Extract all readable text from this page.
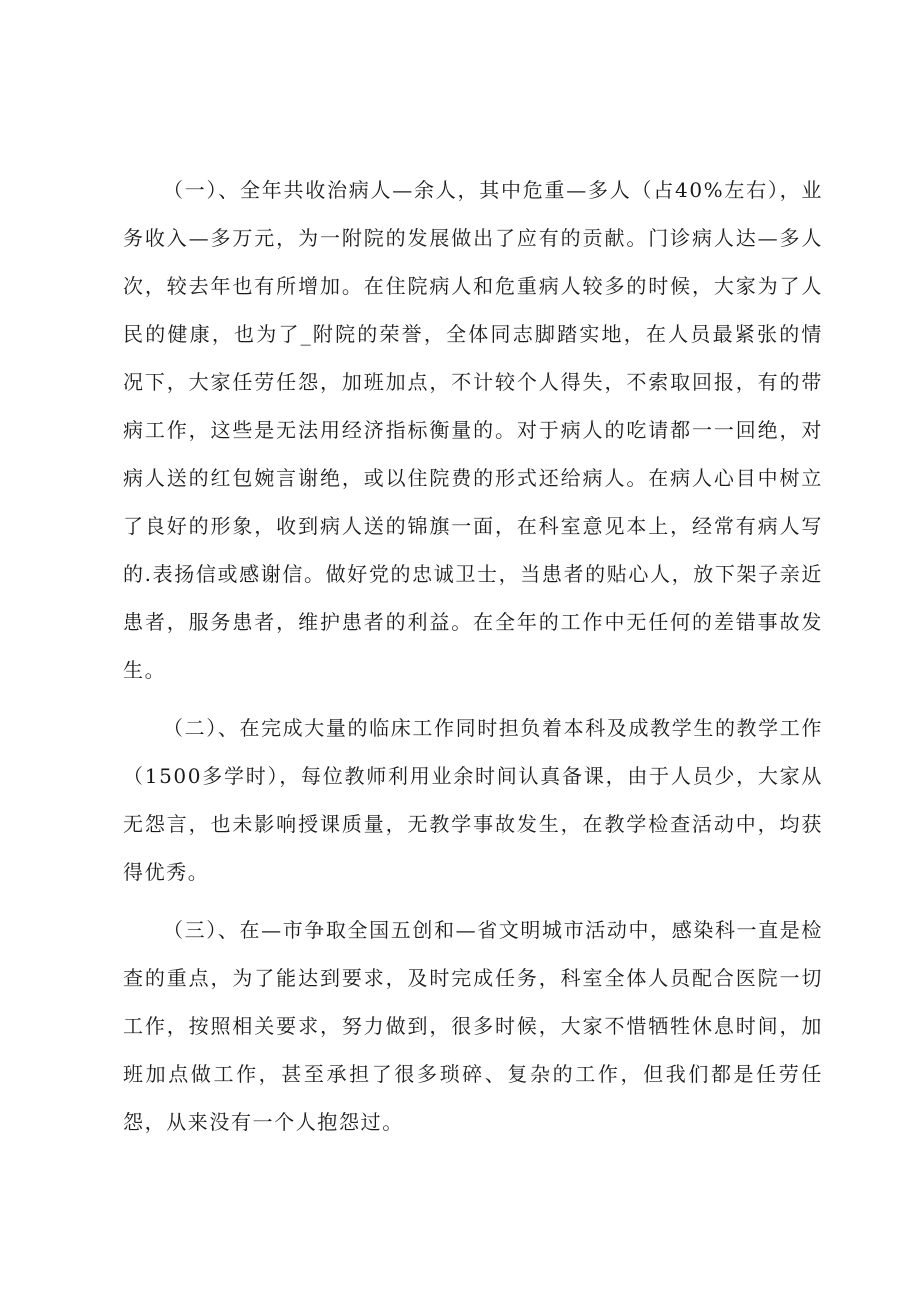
（一）、全年共收治病人—余人，其中危重—多人（占40%左右），业务收入—多万元，为一附院的发展做出了应有的贡献。门诊病人达—多人次，较去年也有所增加。在住院病人和危重病人较多的时候，大家为了人民的健康，也为了_附院的荣誉，全体同志脚踏实地，在人员最紧张的情况下，大家任劳任怨，加班加点，不计较个人得失，不索取回报，有的带病工作，这些是无法用经济指标衡量的。对于病人的吃请都一一回绝，对病人送的红包婉言谢绝，或以住院费的形式还给病人。在病人心目中树立了良好的形象，收到病人送的锦旗一面，在科室意见本上，经常有病人写的.表扬信或感谢信。做好党的忠诚卫士，当患者的贴心人，放下架子亲近患者，服务患者，维护患者的利益。在全年的工作中无任何的差错事故发生。

（二）、在完成大量的临床工作同时担负着本科及成教学生的教学工作（1500多学时），每位教师利用业余时间认真备课，由于人员少，大家从无怨言，也未影响授课质量，无教学事故发生，在教学检查活动中，均获得优秀。

（三）、在—市争取全国五创和—省文明城市活动中，感染科一直是检查的重点，为了能达到要求，及时完成任务，科室全体人员配合医院一切工作，按照相关要求，努力做到，很多时候，大家不惜牺牲休息时间，加班加点做工作，甚至承担了很多琐碎、复杂的工作，但我们都是任劳任怨，从来没有一个人抱怨过。
